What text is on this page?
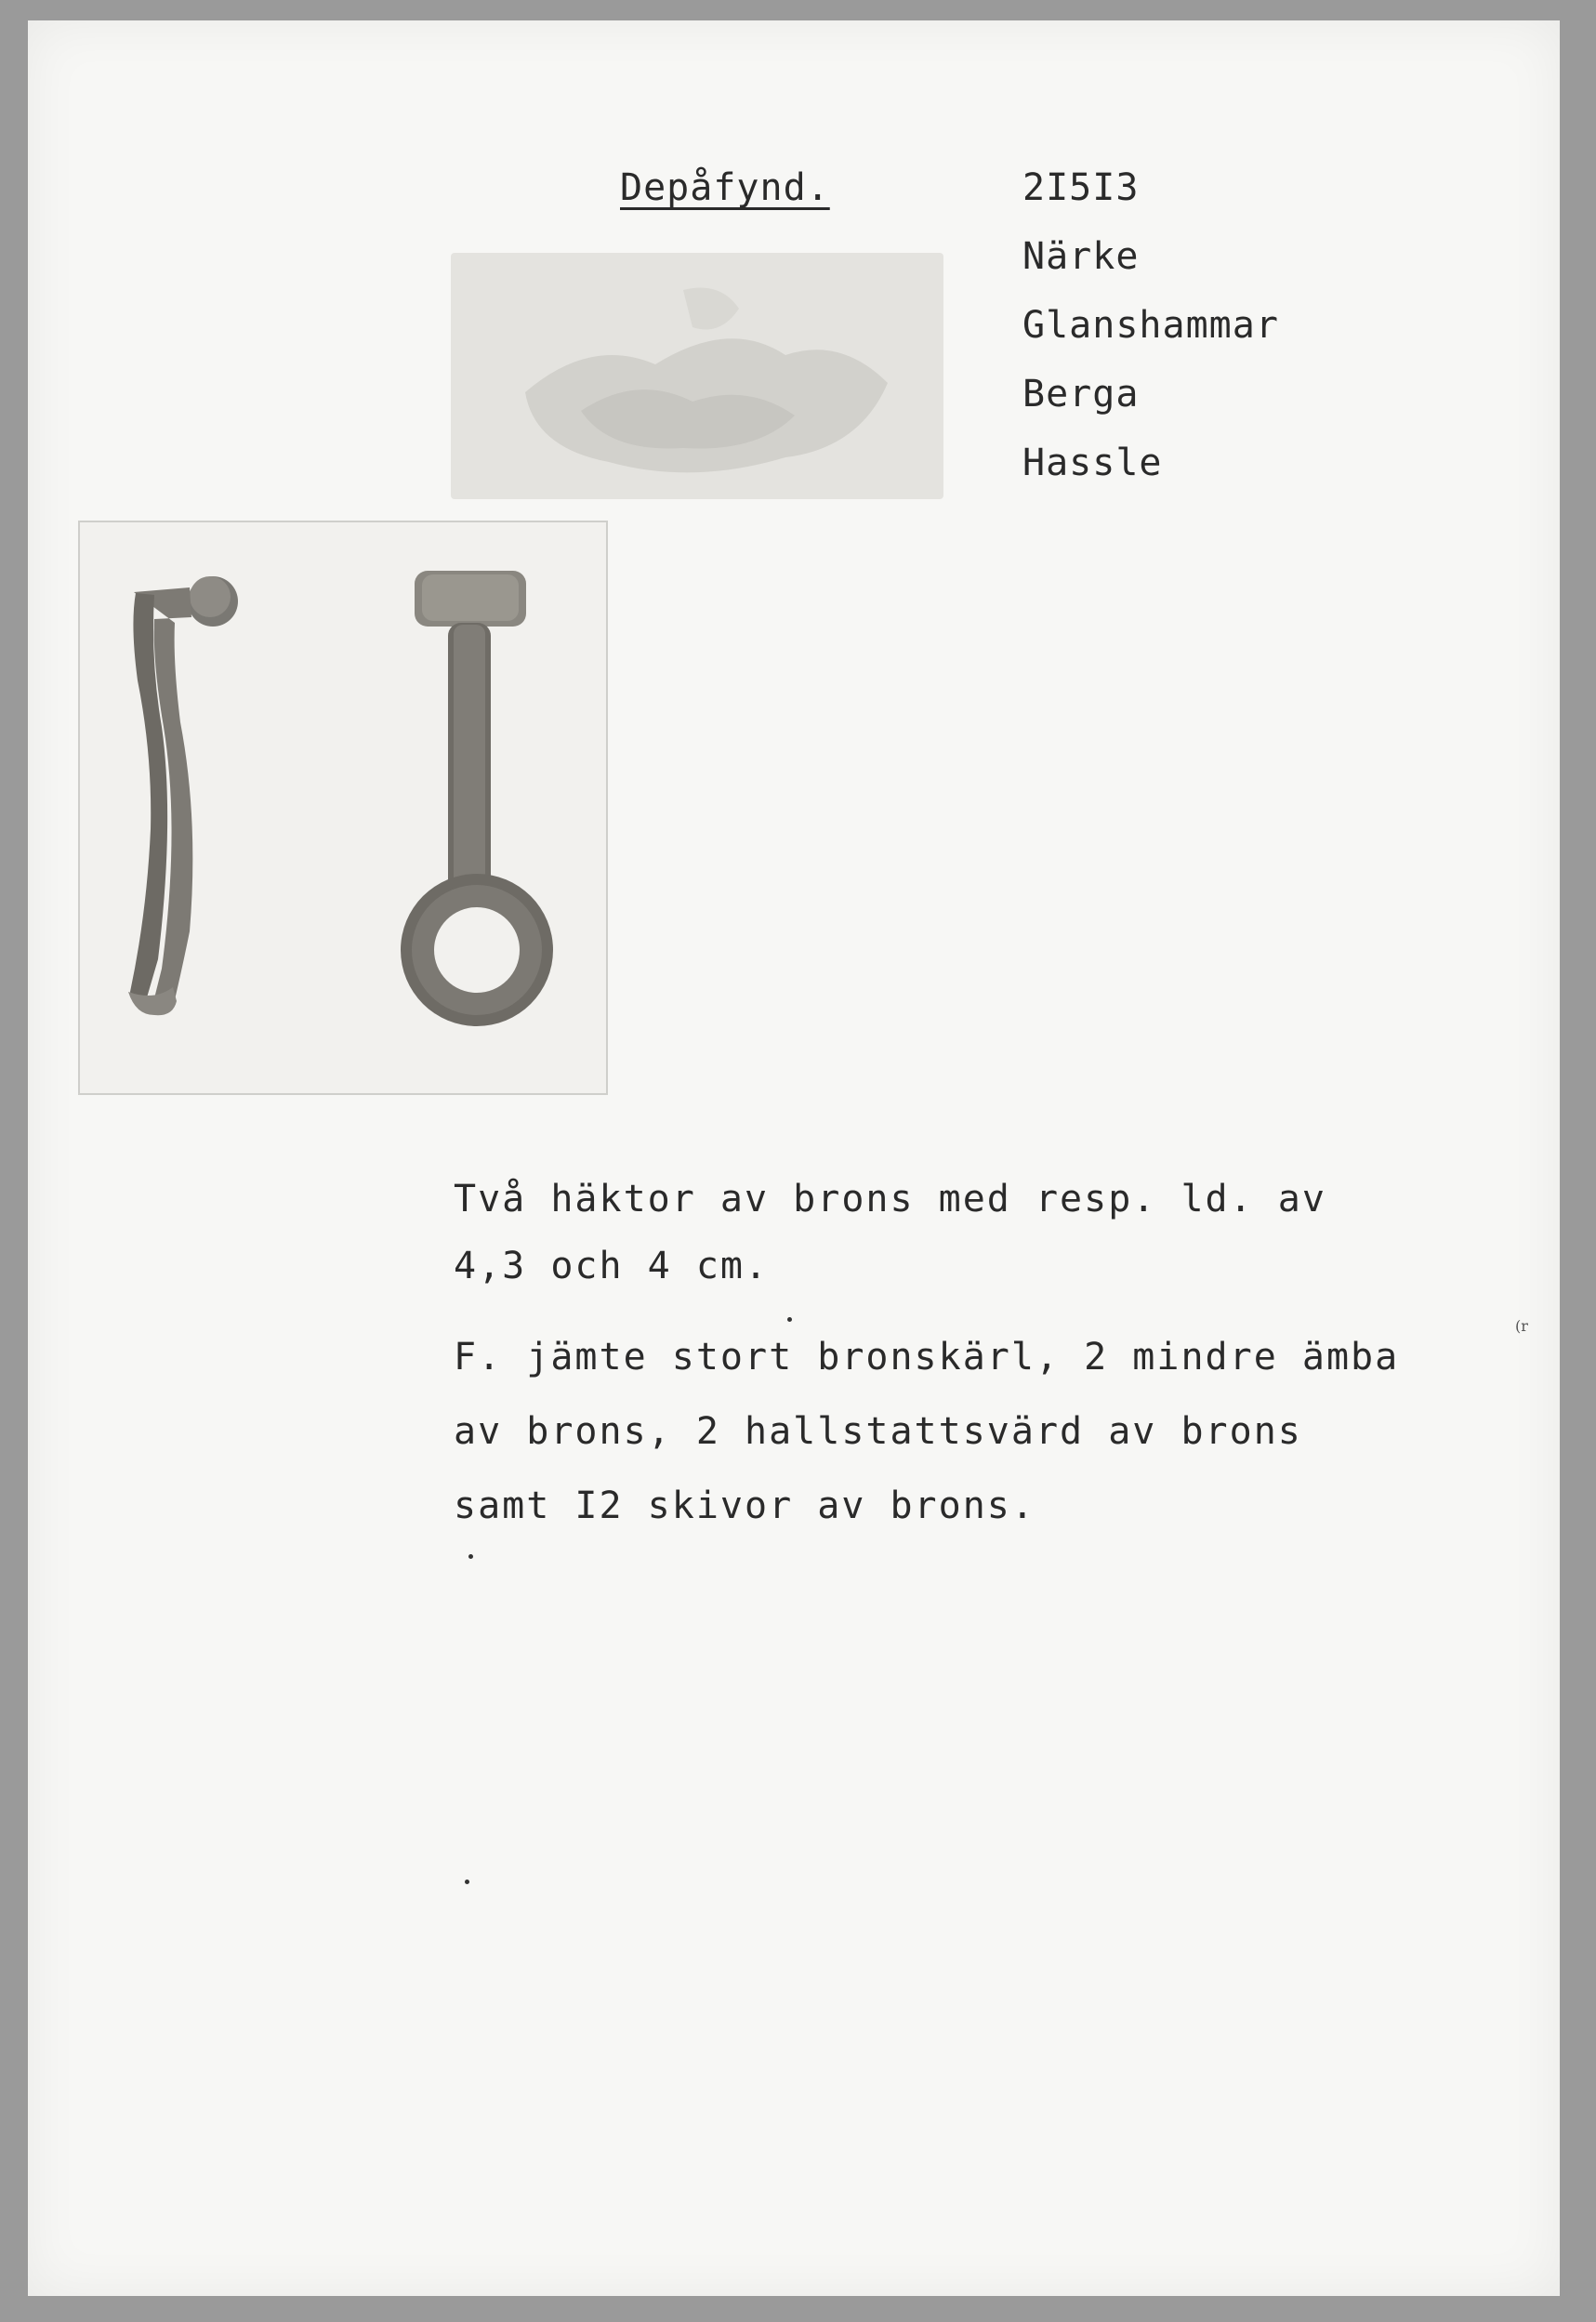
Depåfynd.	2I5I3
Närke
Glanshammar
Berga
Hassle
Två häktor av brons med resp. ld. av
4,3 och 4 cm.
F. jämte stort bronskärl, 2 mindre ämba
av brons, 2 hallstattsvärd av brons
samt I2 skivor av brons.
(r
